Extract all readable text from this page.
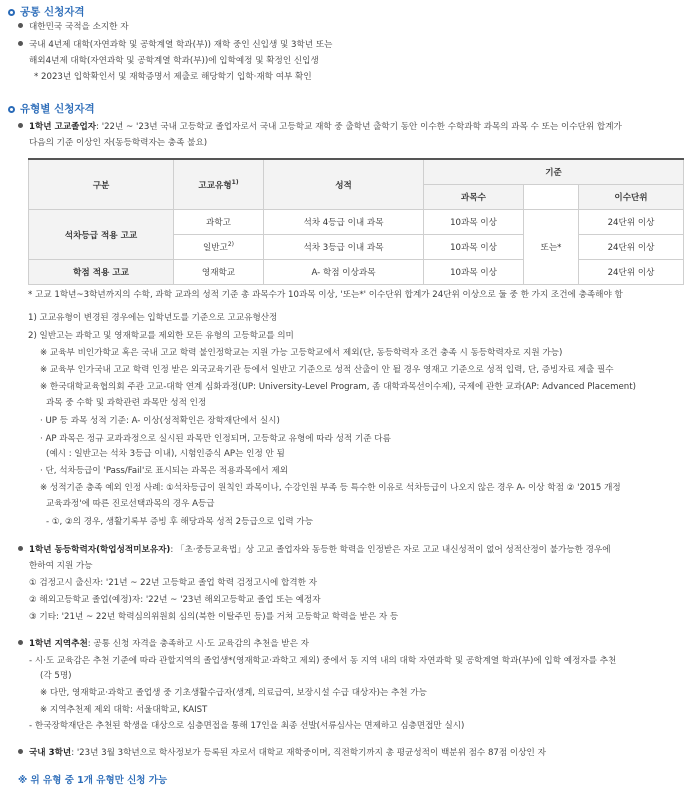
공통 신청자격
대한민국 국적을 소지한 자
국내 4년제 대학(자연과학 및 공학계열 학과(부)) 재학 중인 신입생 및 3학년 또는
해외4년제 대학(자연과학 및 공학계열 학과(부))에 입학예정 및 확정인 신입생
* 2023년 입학확인서 및 재학증명서 제출로 해당학기 입학·재학 여부 확인
유형별 신청자격
1학년 고교졸업자: '22년 ~ '23년 국내 고등학교 졸업자로서 국내 고등학교 재학 중 출학년 출학기 동안 이수한 수학과학 과목의 과목 수 또는 이수단위 합계가
다음의 기준 이상인 자(동등학력자는 충족 불요)
구분	고교유형$^{1)}$	성적	기준		
			과목수		이수단위
석차등급 적용 고교	과학고	석차 4등급 이내 과목	10과목 이상	또는*	24단위 이상
	일반고$^{2)}$	석차 3등급 이내 과목	10과목 이상		24단위 이상
학점 적용 고교	영재학교	A- 학점 이상과목	10과목 이상		24단위 이상
* 고교 1학년~3학년까지의 수학, 과학 교과의 성적 기준 총 과목수가 10과목 이상, '또는*' 이수단위 합계가 24단위 이상으로 둘 중 한 가지 조건에 충족해야 함
1) 고교유형이 변경된 경우에는 입학년도를 기준으로 고교유형산정
2) 일반고는 과학고 및 영재학교를 제외한 모든 유형의 고등학교를 의미
※ 교육부 비인가학교 혹은 국내 고교 학력 불인정학교는 지원 가능 고등학교에서 제외(단, 동등학력자 조건 충족 시 동등학력자로 지원 가능)
※ 교육부 인가국내 고교 학력 인정 받은 외국교육기관 등에서 일반고 기준으로 성적 산출이 안 될 경우 영재고 기준으로 성적 입력, 단, 증빙자료 제출 필수
※ 한국대학교육협의회 주관 고교-대학 연계 심화과정(UP: University-Level Program, 좀 대학과목선이수제), 국제에 관한 교과(AP: Advanced Placement)
과목 중 수학 및 과학관련 과목만 성적 인정
· UP 등 과목 성적 기준: A- 이상(성적확인은 장학재단에서 실시)
· AP 과목은 정규 교과과정으로 실시된 과목만 인정되며, 고등학교 유형에 따라 성적 기준 다름
(예시 : 일반고는 석차 3등급 이내), 시험인증식 AP는 인정 안 됨
· 단, 석차등급이 'Pass/Fail'로 표시되는 과목은 적용과목에서 제외
※ 성적기준 충족 예외 인정 사례: ①석차등급이 원칙인 과목이나, 수강인원 부족 등 특수한 이유로 석차등급이 나오지 않은 경우 A- 이상 학점 ② '2015 개정
교육과정'에 따른 진로선택과목의 경우 A등급
- ①, ②의 경우, 생활기록부 증빙 후 해당과목 성적 2등급으로 입력 가능
1학년 동등학력자(학업성적미보유자): 「초·중등교육법」상 고교 졸업자와 동등한 학력을 인정받은 자로 고교 내신성적이 없어 성적산정이 불가능한 경우에
한하여 지원 가능
① 검정고시 출신자: '21년 ~ 22년 고등학교 졸업 학력 검정고시에 합격한 자
② 해외고등학교 졸업(예정)자: '22년 ~ '23년 해외고등학교 졸업 또는 예정자
③ 기타: '21년 ~ 22년 학력심의위원회 심의(북한 이탈주민 등)를 거쳐 고등학교 학력을 받은 자 등
1학년 지역추천: 공통 신청 자격을 충족하고 시·도 교육감의 추천을 받은 자
- 시·도 교육감은 추천 기준에 따라 관할지역의 졸업생*(영재학교·과학고 제외) 중에서 동 지역 내의 대학 자연과학 및 공학계열 학과(부)에 입학 예정자를 추천
(각 5명)
※ 다만, 영재학교·과학고 졸업생 중 기초생활수급자(생계, 의료급여, 보장시설 수급 대상자)는 추천 가능
※ 지역추천제 제외 대학: 서울대학교, KAIST
- 한국장학재단은 추천된 학생을 대상으로 심층면접을 통해 17인을 최종 선발(서류심사는 면제하고 심층면접만 실시)
국내 3학년: '23년 3월 3학년으로 학사정보가 등록된 자로서 대학교 재학중이며, 직전학기까지 총 평균성적이 백분위 점수 87점 이상인 자
※ 위 유형 중 1개 유형만 신청 가능
